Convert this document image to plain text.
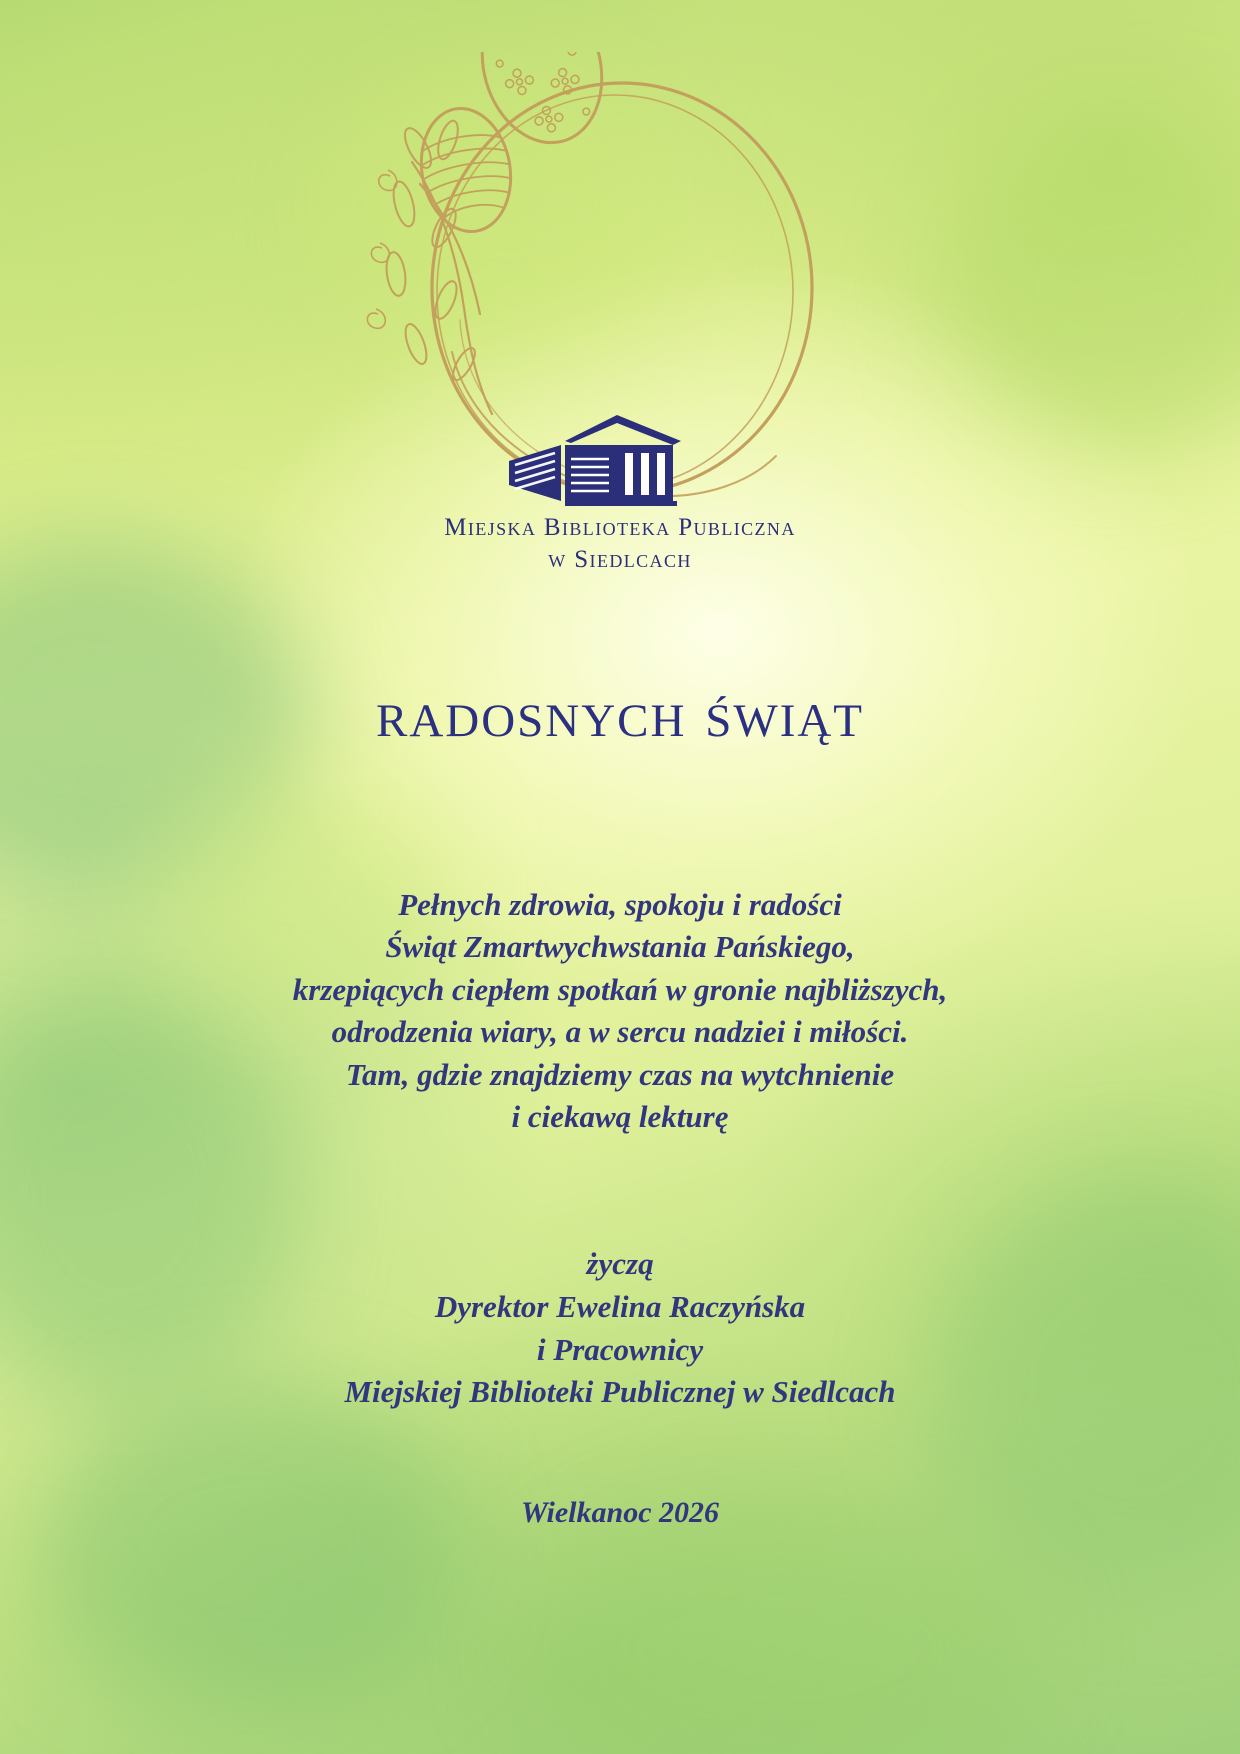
Miejska Biblioteka Publiczna
w Siedlcach
radosnych świąt
Pełnych zdrowia, spokoju i radości
Świąt Zmartwychwstania Pańskiego,
krzepiących ciepłem spotkań w gronie najbliższych,
odrodzenia wiary, a w sercu nadziei i miłości.
Tam, gdzie znajdziemy czas na wytchnienie
i ciekawą lekturę
życzą
Dyrektor Ewelina Raczyńska
i Pracownicy
Miejskiej Biblioteki Publicznej w Siedlcach
Wielkanoc 2026
